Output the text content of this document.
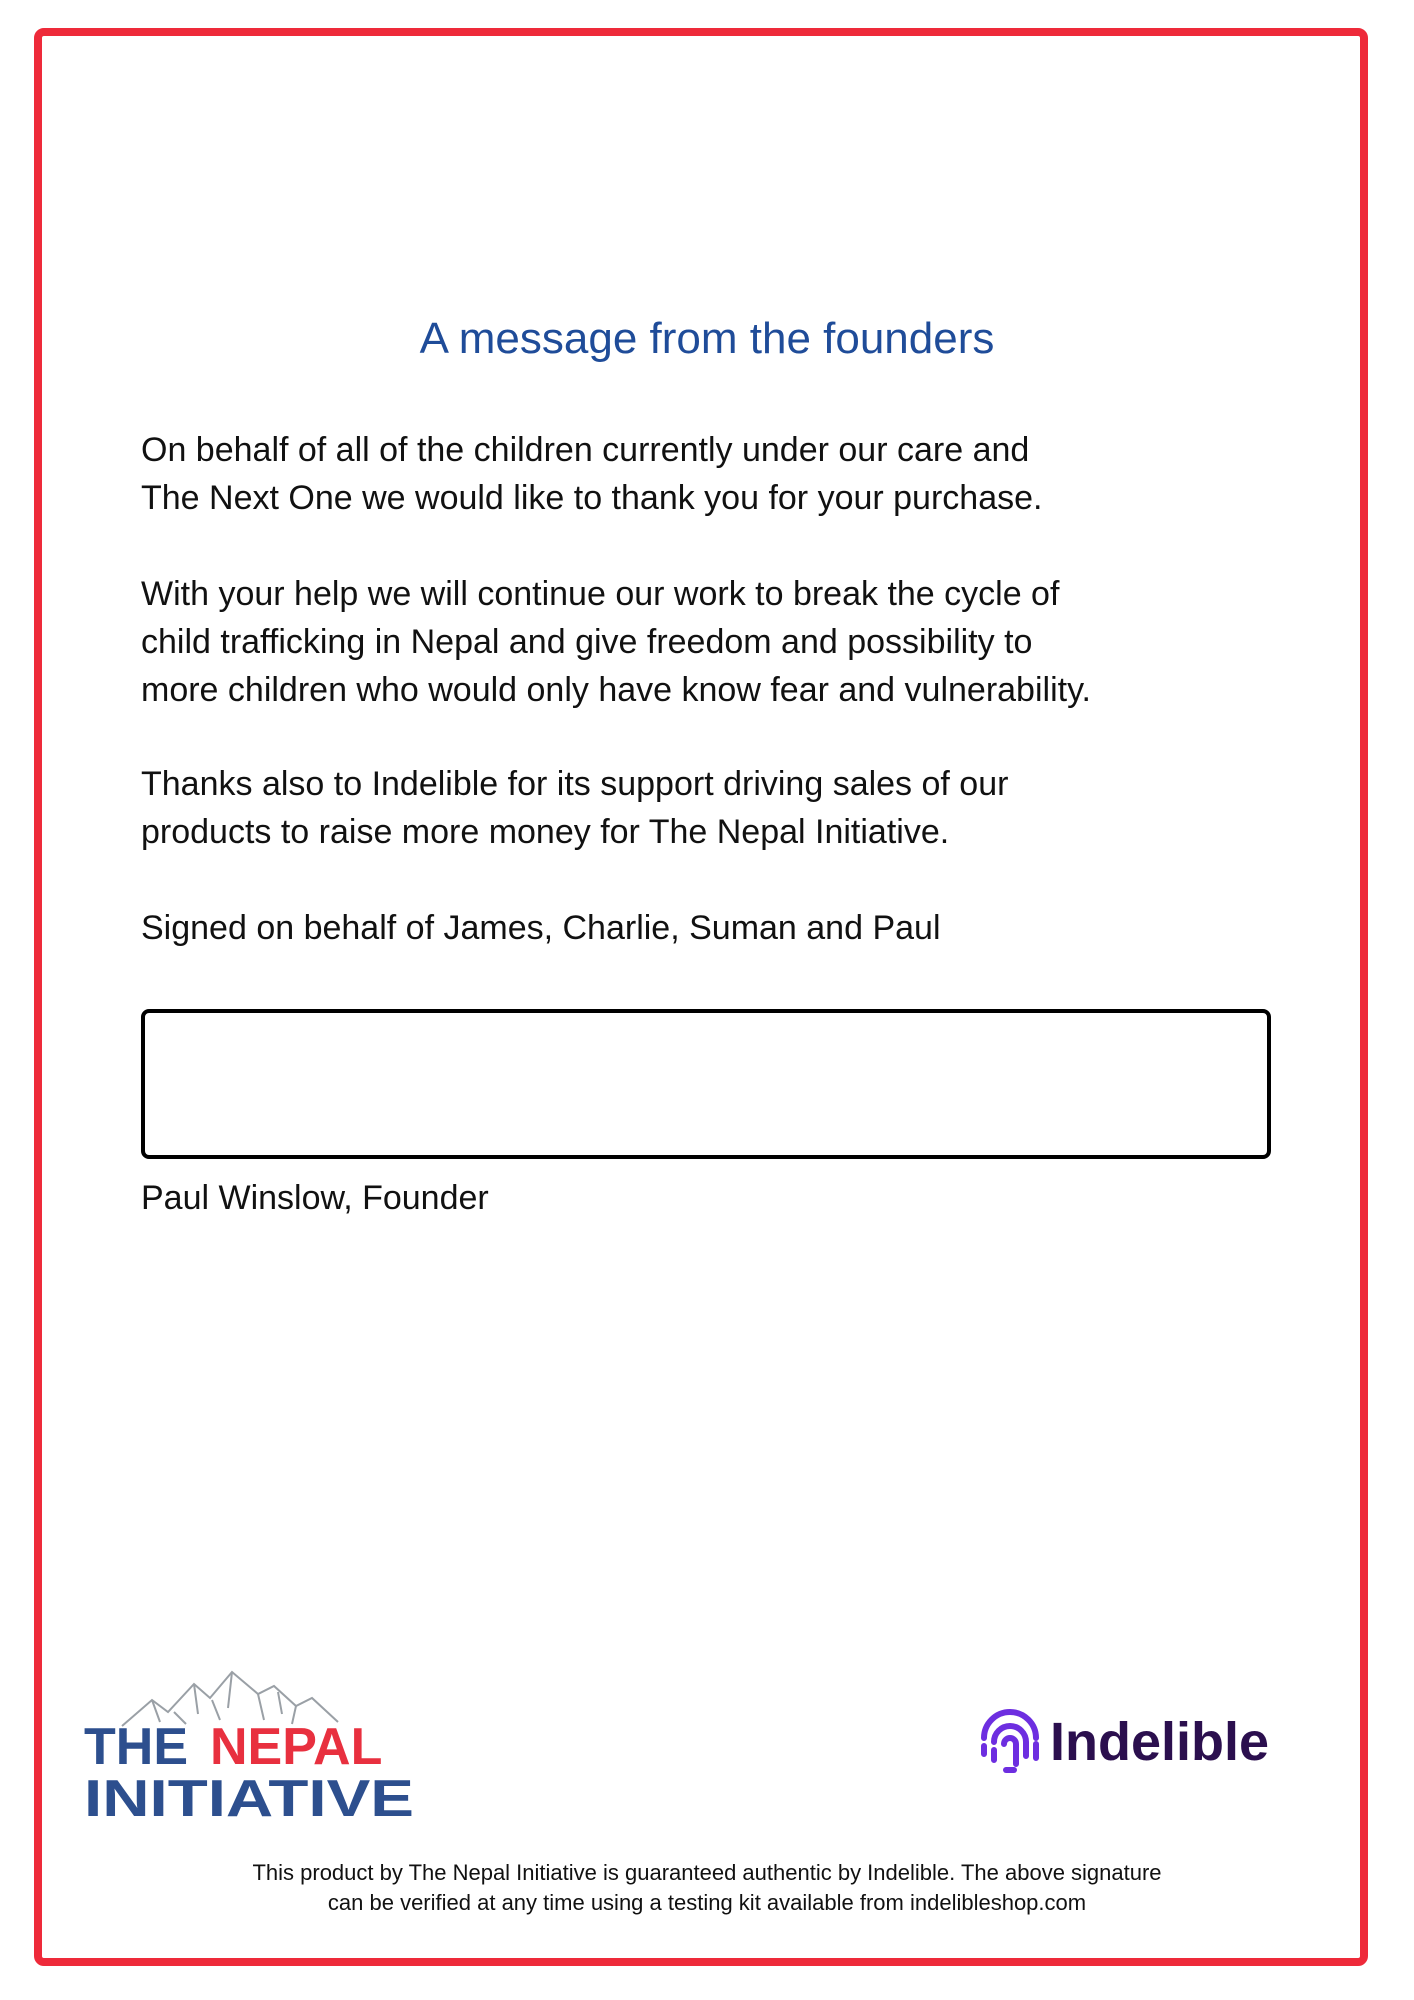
A message from the founders

On behalf of all of the children currently under our care and
The Next One we would like to thank you for your purchase.

With your help we will continue our work to break the cycle of
child trafficking in Nepal and give freedom and possibility to
more children who would only have know fear and vulnerability.

Thanks also to Indelible for its support driving sales of our
products to raise more money for The Nepal Initiative.

Signed on behalf of James, Charlie, Suman and Paul

Paul Winslow, Founder

THE NEPAL
INITIATIVE
Indelible

This product by The Nepal Initiative is guaranteed authentic by Indelible. The above signature
can be verified at any time using a testing kit available from indelibleshop.com
